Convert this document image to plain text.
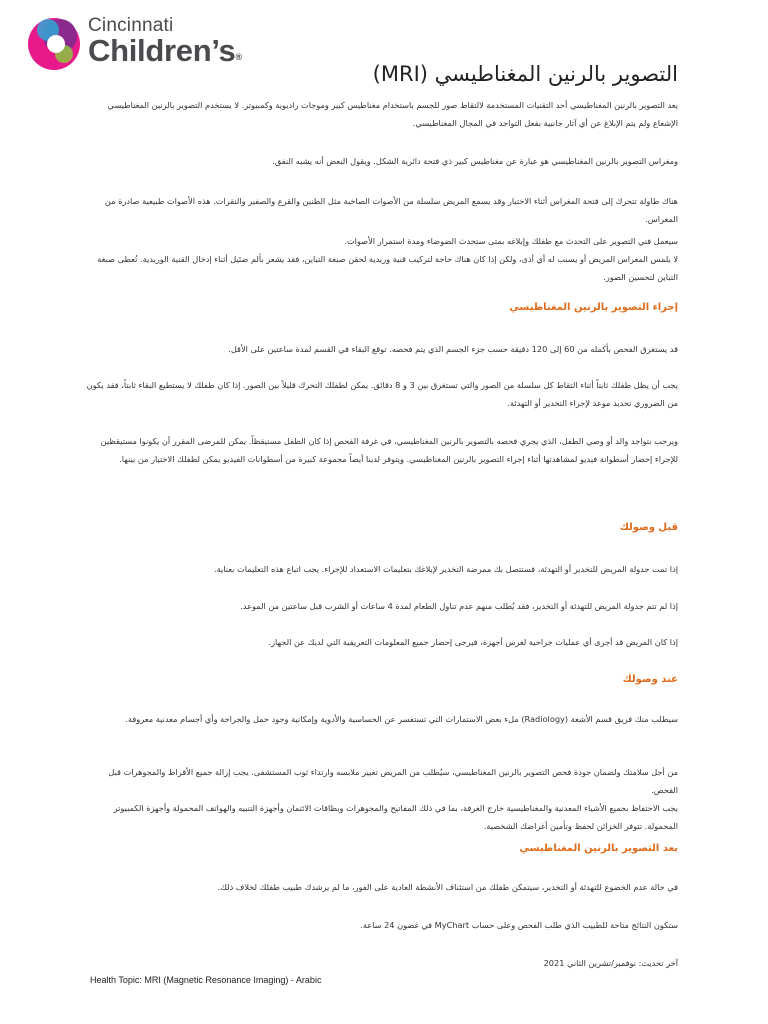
Cincinnati
Children’s®
التصوير بالرنين المغناطيسي (MRI)
يعد التصوير بالرنين المغناطيسي أحد التقنيات المستخدمة لالتقاط صور للجسم باستخدام مغناطيس كبير وموجات راديوية وكمبيوتر. لا يستخدم التصوير بالرنين المغناطيسي الإشعاع ولم يتم الإبلاغ عن أي آثار جانبية بفعل التواجد في المجال المغناطيسي.
ومغراس التصوير بالرنين المغناطيسي هو عبارة عن مغناطيس كبير ذي فتحة دائرية الشكل. ويقول البعض أنه يشبه النفق.
هناك طاولة تتحرك إلى فتحة المغراس أثناء الاختبار وقد يسمع المريض سلسلة من الأصوات الصاخبة مثل الطنين والقرع والصفير والنقرات. هذه الأصوات طبيعية صادرة من المغراس.
سيعمل فني التصوير على التحدث مع طفلك وإبلاغه بمتى ستحدث الضوضاء ومدة استمرار الأصوات.
لا يلمس المغراس المريض أو يسبب له أي أذى، ولكن إذا كان هناك حاجة لتركيب قنية وريدية لحقن صبغة التباين، فقد يشعر بألم ضئيل أثناء إدخال القنية الوريدية. تُعطى صبغة التباين لتحسين الصور.
إجراء التصوير بالرنين المغناطيسي
قد يستغرق الفحص بأكمله من 60 إلى 120 دقيقة حسب جزء الجسم الذي يتم فحصه. توقع البقاء في القسم لمدة ساعتين على الأقل.
يجب أن يظل طفلك ثابتاً أثناء التقاط كل سلسلة من الصور والتي تستغرق بين 3 و 8 دقائق. يمكن لطفلك التحرك قليلاً بين الصور. إذا كان طفلك لا يستطيع البقاء ثابتاً، فقد يكون من الضروري تحديد موعد لإجراء التخدير أو التهدئة.
ويرحب بتواجد والد أو وصي الطفل، الذي يجري فحصه بالتصوير بالرنين المغناطيسي، في غرفة الفحص إذا كان الطفل مستيقظاً. يمكن للمرضى المقرر أن يكونوا مستيقظين للإجراء إحضار أسطوانة فيديو لمشاهدتها أثناء إجراء التصوير بالرنين المغناطيسي. ويتوفر لدينا أيضاً مجموعة كبيرة من أسطوانات الفيديو يمكن لطفلك الاختيار من بينها.
قبل وصولك
إذا تمت جدولة المريض للتخدير أو التهدئة، فستتصل بك ممرضة التخدير لإبلاغك بتعليمات الاستعداد للإجراء. يجب اتباع هذه التعليمات بعناية.
إذا لم تتم جدولة المريض للتهدئة أو التخدير، فقد يُطلب منهم عدم تناول الطعام لمدة 4 ساعات أو الشرب قبل ساعتين من الموعد.
إذا كان المريض قد أجرى أي عمليات جراحية لغرس أجهزة، فيرجى إحضار جميع المعلومات التعريفية التي لديك عن الجهاز.
عند وصولك
سيطلب منك فريق قسم الأشعة (Radiology) ملء بعض الاستمارات التي تستفسر عن الحساسية والأدوية وإمكانية وجود حمل والجراحة وأي أجسام معدنية معروفة.
من أجل سلامتك ولضمان جودة فحص التصوير بالرنين المغناطيسي، سيُطلب من المريض تغيير ملابسه وارتداء ثوب المستشفى. يجب إزالة جميع الأقراط والمجوهرات قبل الفحص.
يجب الاحتفاظ بجميع الأشياء المعدنية والمغناطيسية خارج الغرفة، بما في ذلك المفاتيح والمجوهرات وبطاقات الائتمان وأجهزة التنبيه والهواتف المحمولة وأجهزة الكمبيوتر المحمولة. تتوفر الخزائن لحفظ وتأمين أغراضك الشخصية.
بعد التصوير بالرنين المغناطيسي
في حالة عدم الخضوع للتهدئة أو التخدير، سيتمكن طفلك من استئناف الأنشطة العادية على الفور، ما لم يرشدك طبيب طفلك لخلاف ذلك.
ستكون النتائج متاحة للطبيب الذي طلب الفحص وعلى حساب MyChart في غضون 24 ساعة.
آخر تحديث: نوفمبر/تشرين الثاني 2021
Health Topic: MRI (Magnetic Resonance Imaging) - Arabic
